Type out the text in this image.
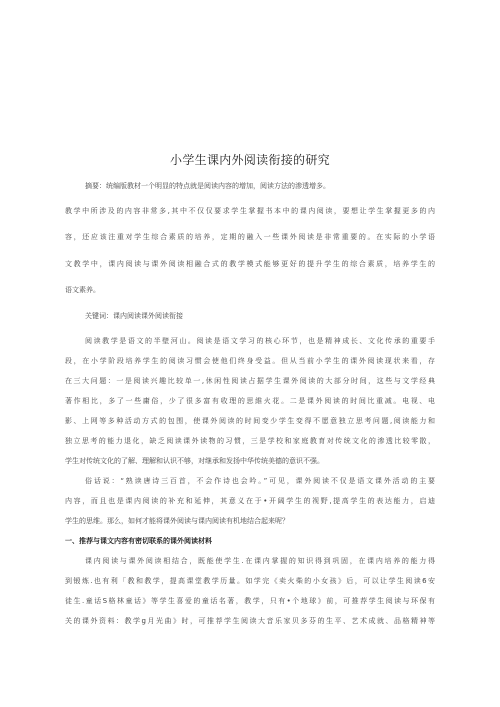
小学生课内外阅读衔接的研究
摘要：统编版教材一个明显的特点就是阅读内容的增加，阅读方法的渗透增多。
教学中所涉及的内容非常多,其中不仅仅要求学生掌握书本中的课内阅读，要想让学生掌握更多的内
容，还应该注重对学生综合素质的培养，定期的融入一些课外阅读是非常重要的。在实际的小学语
文教学中，课内阅读与课外阅读相融合式的教学模式能够更好的提升学生的综合素质，培养学生的
语文素养。
关键词：课内阅读课外阅读衔接
阅读教学是语文的半壁河山。阅读是语文学习的核心环节，也是精神成长、文化传承的重要手
段，在小学阶段培养学生的阅读习惯会使他们终身受益。但从当前小学生的课外阅读现状来看，存
在三大问题：一是阅读兴趣比较单一,休闲性阅读占据学生课外阅读的大部分时间，这些与文学经典
著作相比，多了一些庸俗，少了很多富有收理的思維火花。二是课外阅读的时间比重减。电视、电
影、上网等多种活动方式的包围，使课外阅读的时间变少学生变得不愿意独立思考问题,阅读能力和
独立思考的能力退化，缺乏阅读课外读物的习惯，三是学校和家庭教育对传统文化的渗透比较零散，
学生对传统文化的了解、理解和认识不够，对继承和发扬中华传统美德的意识不强。
俗话说：“熟读唐诗三百首，不会作诗也会吟。”可见，课外阅读不仅是语文课外活动的主要
内容，而且也是课内阅读的补充和延伸，其意义在于•开阔学生的视野,提高学生的表达能力，启迪
学生的思维。那么，如何才能将课外阅读与课内阅读有机地结合起来呢？
一、推荐与课文内容有密切联系的课外阅读材料
课内阅读与课外阅读相结合，既能使学生.在课内掌握的知识得到巩固，在课内培养的能力得
到锻炼.也有利「教和教学，提高课堂教学历量。如学完《卖火柴的小女孩》后，可以让学生阅读6安
徒生.童话S格林童话》等学生喜爱的童话名著，教学，只有•个地球》前，可推荐学生阅读与环保有
关的课外资料：教学g月光曲》时，可推荐学生阅读大音乐家贝多芬的生平、艺术成就、品格精神等
